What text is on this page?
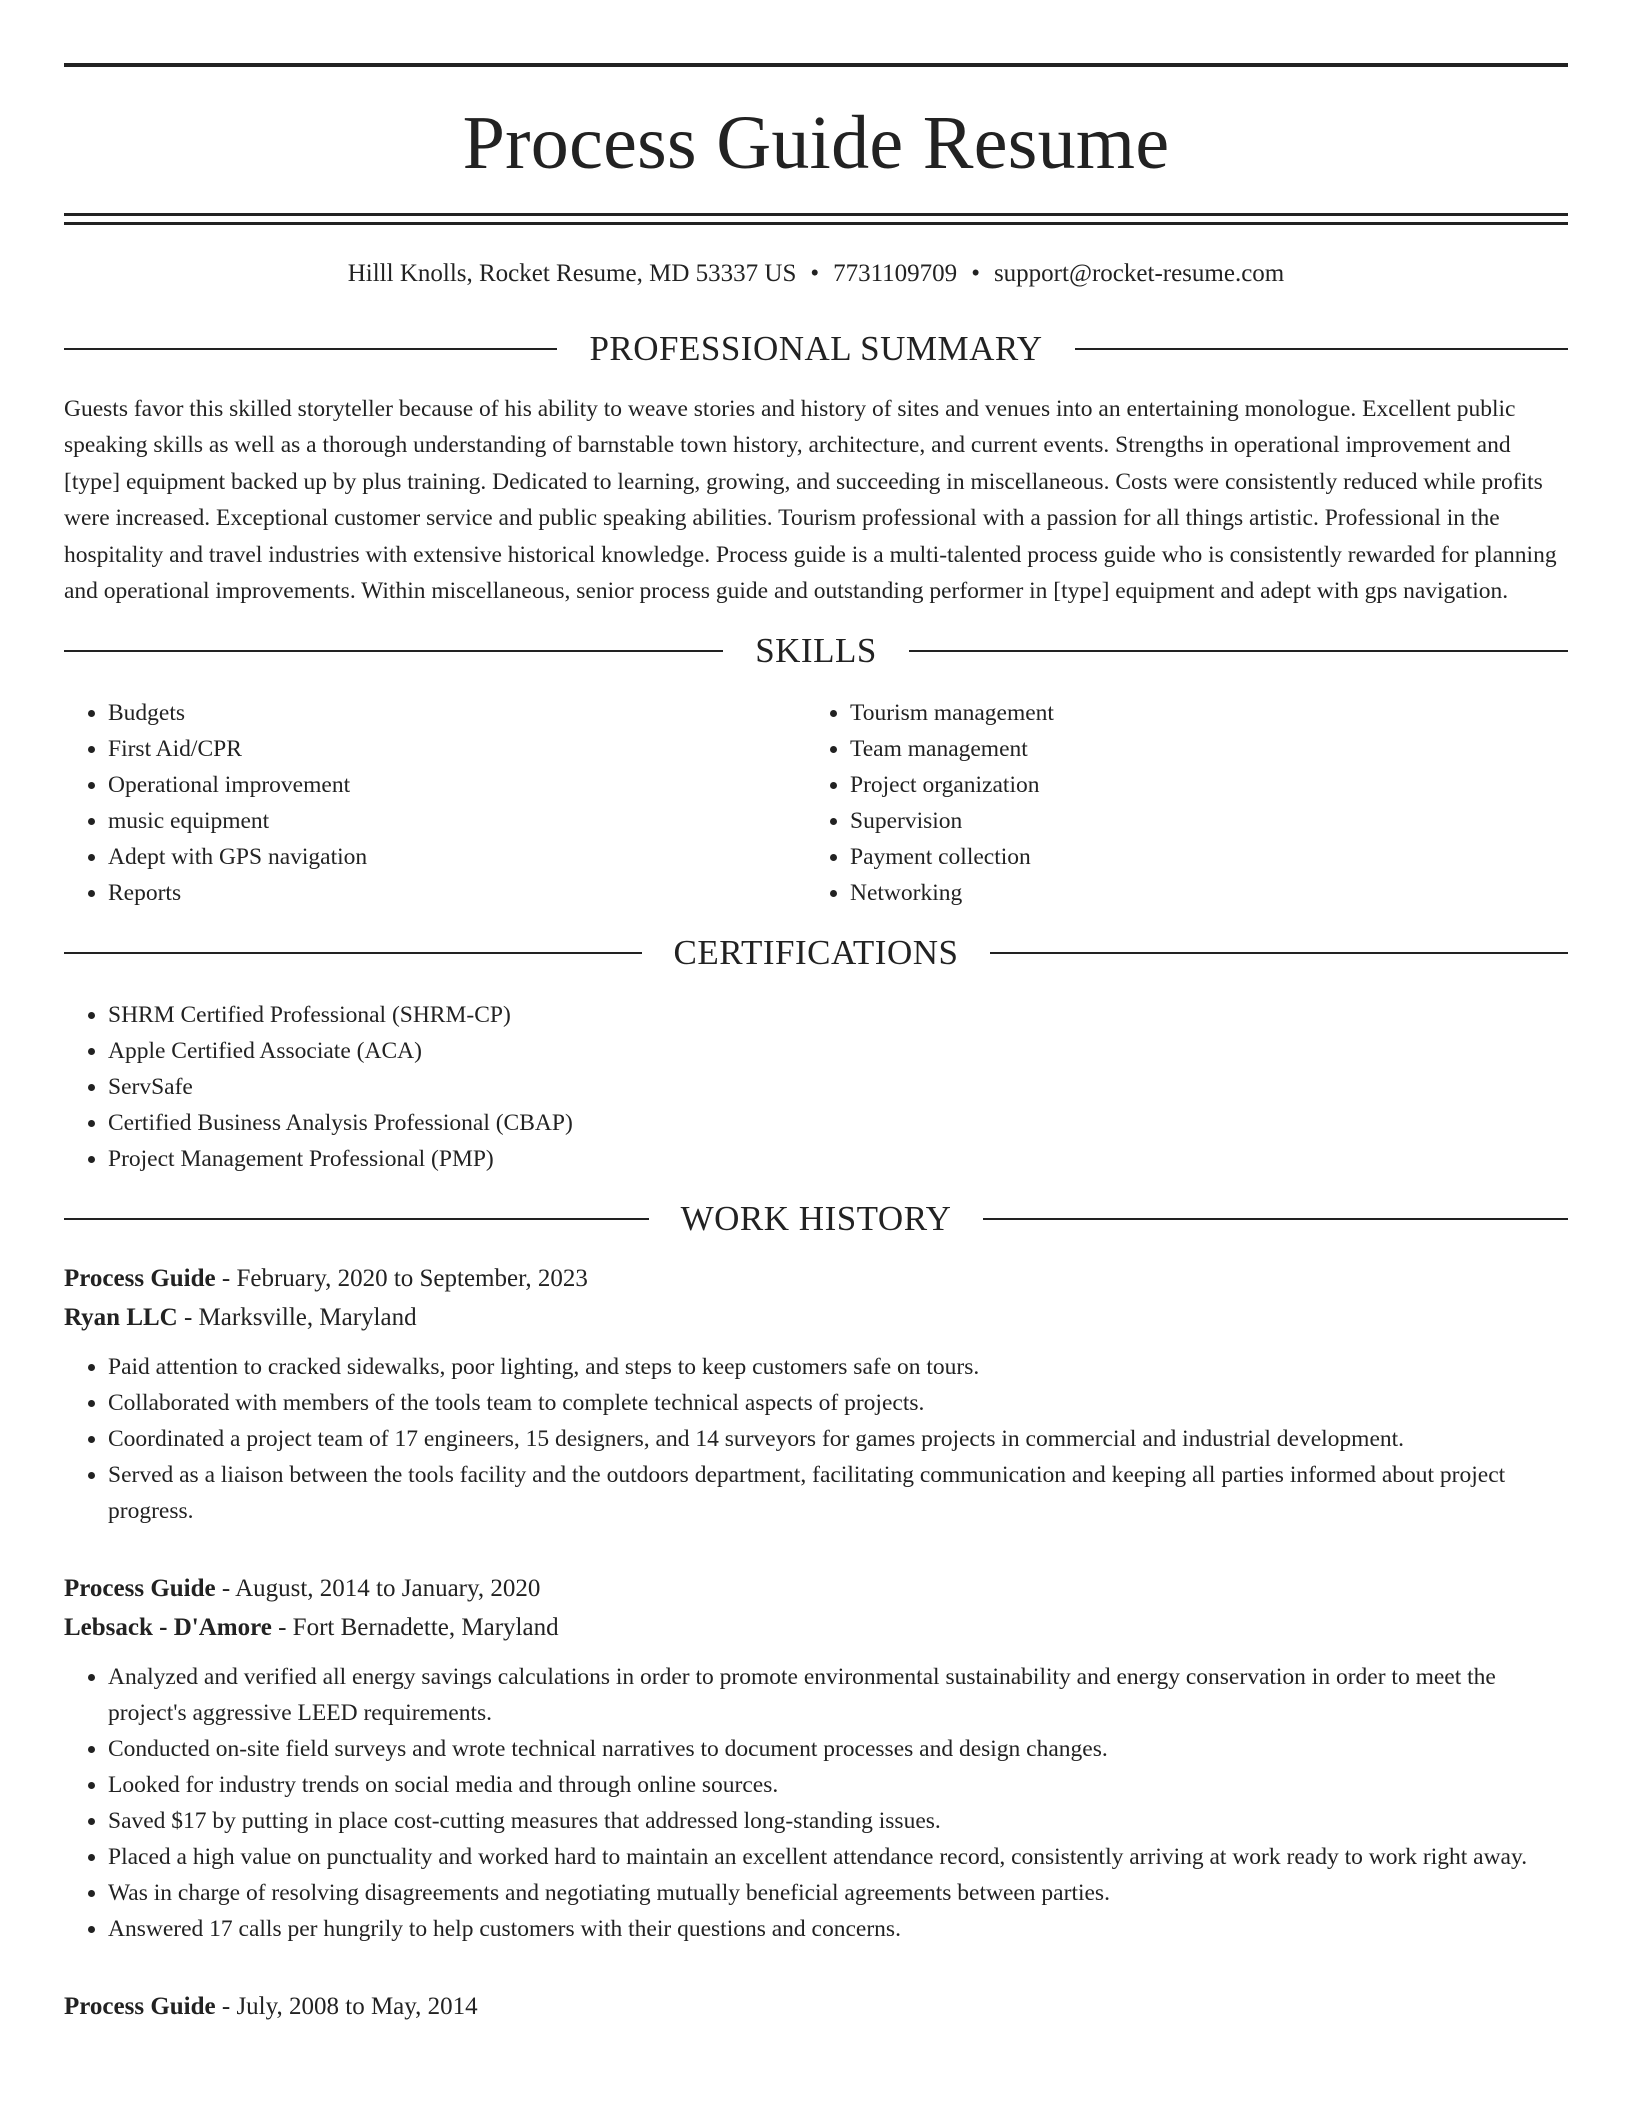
Process Guide Resume
Hilll Knolls, Rocket Resume, MD 53337 US • 7731109709 • support@rocket-resume.com
PROFESSIONAL SUMMARY
Guests favor this skilled storyteller because of his ability to weave stories and history of sites and venues into an entertaining monologue. Excellent public speaking skills as well as a thorough understanding of barnstable town history, architecture, and current events. Strengths in operational improvement and [type] equipment backed up by plus training. Dedicated to learning, growing, and succeeding in miscellaneous. Costs were consistently reduced while profits were increased. Exceptional customer service and public speaking abilities. Tourism professional with a passion for all things artistic. Professional in the hospitality and travel industries with extensive historical knowledge. Process guide is a multi-talented process guide who is consistently rewarded for planning and operational improvements. Within miscellaneous, senior process guide and outstanding performer in [type] equipment and adept with gps navigation.
SKILLS
• Budgets
• First Aid/CPR
• Operational improvement
• music equipment
• Adept with GPS navigation
• Reports
• Tourism management
• Team management
• Project organization
• Supervision
• Payment collection
• Networking
CERTIFICATIONS
• SHRM Certified Professional (SHRM-CP)
• Apple Certified Associate (ACA)
• ServSafe
• Certified Business Analysis Professional (CBAP)
• Project Management Professional (PMP)
WORK HISTORY
Process Guide - February, 2020 to September, 2023
Ryan LLC - Marksville, Maryland
• Paid attention to cracked sidewalks, poor lighting, and steps to keep customers safe on tours.
• Collaborated with members of the tools team to complete technical aspects of projects.
• Coordinated a project team of 17 engineers, 15 designers, and 14 surveyors for games projects in commercial and industrial development.
• Served as a liaison between the tools facility and the outdoors department, facilitating communication and keeping all parties informed about project progress.
Process Guide - August, 2014 to January, 2020
Lebsack - D'Amore - Fort Bernadette, Maryland
• Analyzed and verified all energy savings calculations in order to promote environmental sustainability and energy conservation in order to meet the project's aggressive LEED requirements.
• Conducted on-site field surveys and wrote technical narratives to document processes and design changes.
• Looked for industry trends on social media and through online sources.
• Saved $17 by putting in place cost-cutting measures that addressed long-standing issues.
• Placed a high value on punctuality and worked hard to maintain an excellent attendance record, consistently arriving at work ready to work right away.
• Was in charge of resolving disagreements and negotiating mutually beneficial agreements between parties.
• Answered 17 calls per hungrily to help customers with their questions and concerns.
Process Guide - July, 2008 to May, 2014
